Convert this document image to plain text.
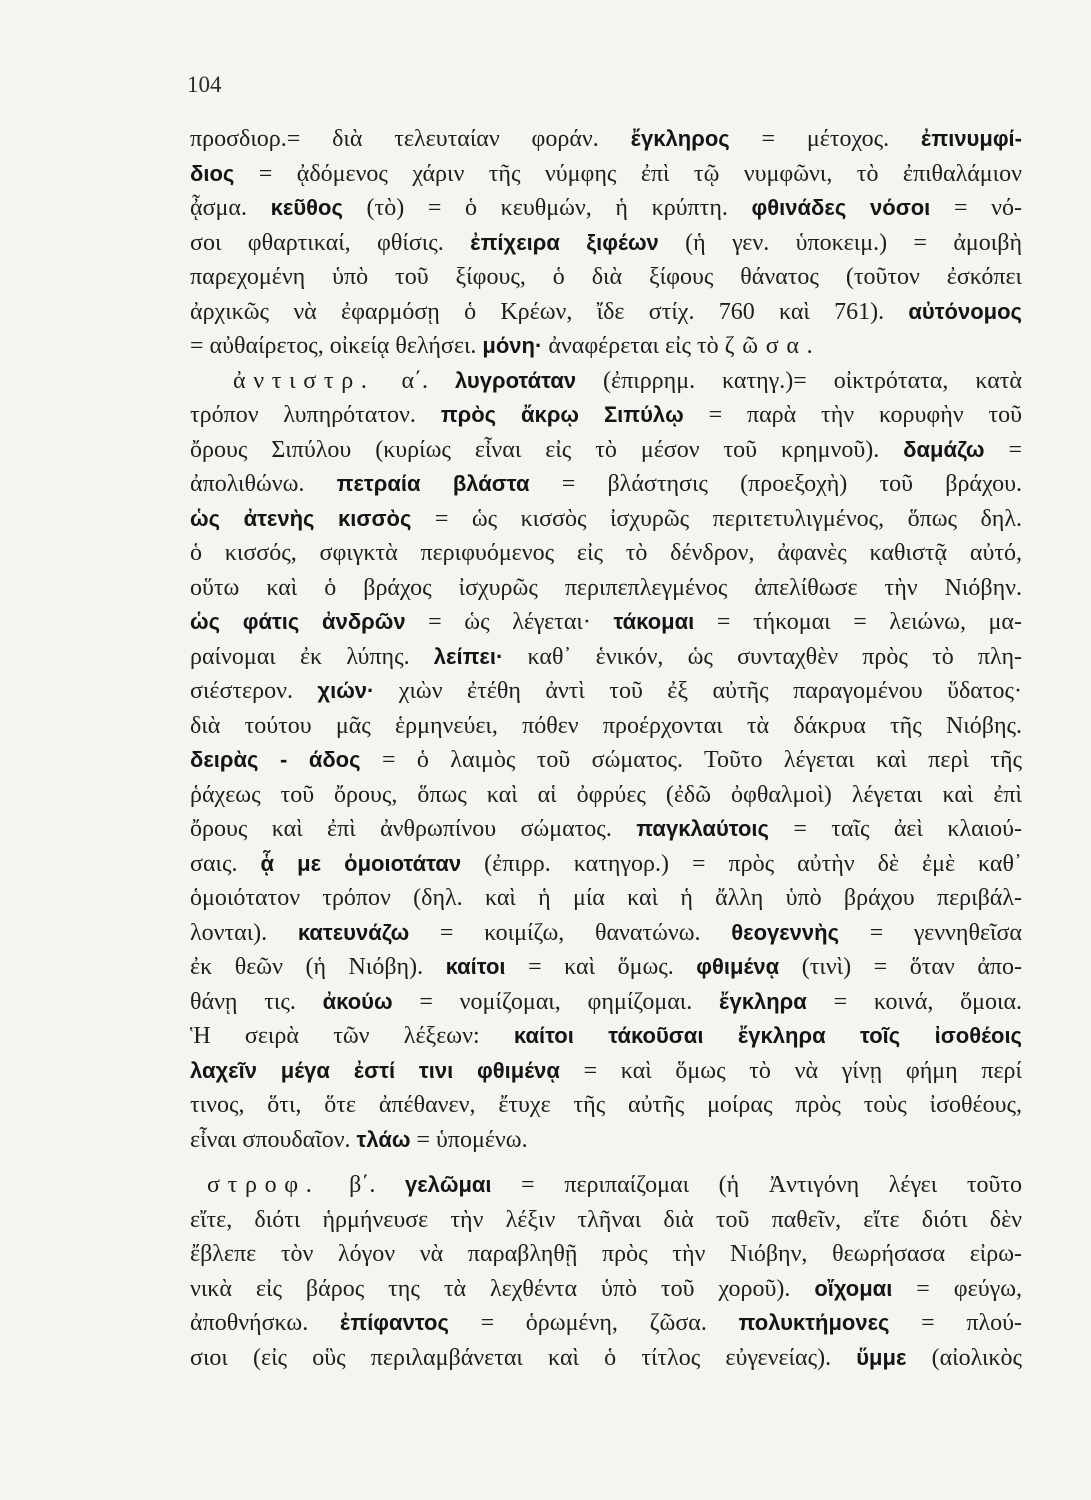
104
προσδιορ.= διὰ τελευταίαν φοράν. ἔγκληρος = μέτοχος. ἐπινυμφί-
διος = ᾀδόμενος χάριν τῆς νύμφης ἐπὶ τῷ νυμφῶνι, τὸ ἐπιθαλάμιον
ᾆσμα. κεῦθος (τὸ) = ὁ κευθμών, ἡ κρύπτη. φθινάδες νόσοι = νό-
σοι φθαρτικαί, φθίσις. ἐπίχειρα ξιφέων (ἡ γεν. ὑποκειμ.) = ἀμοιβὴ
παρεχομένη ὑπὸ τοῦ ξίφους, ὁ διὰ ξίφους θάνατος (τοῦτον ἐσκόπει
ἀρχικῶς νὰ ἐφαρμόσῃ ὁ Κρέων, ἴδε στίχ. 760 καὶ 761). αὐτόνομος
= αὐθαίρετος, οἰκείᾳ θελήσει. μόνη· ἀναφέρεται εἰς τὸ ζῶσα.
ἀντιστρ. α΄. λυγροτάταν (ἐπιρρημ. κατηγ.)= οἰκτρότατα, κατὰ
τρόπον λυπηρότατον. πρὸς ἄκρῳ Σιπύλῳ = παρὰ τὴν κορυφὴν τοῦ
ὄρους Σιπύλου (κυρίως εἶναι εἰς τὸ μέσον τοῦ κρημνοῦ). δαμάζω =
ἀπολιθώνω. πετραία βλάστα = βλάστησις (προεξοχὴ) τοῦ βράχου.
ὡς ἀτενὴς κισσὸς = ὡς κισσὸς ἰσχυρῶς περιτετυλιγμένος, ὅπως δηλ.
ὁ κισσός, σφιγκτὰ περιφυόμενος εἰς τὸ δένδρον, ἀφανὲς καθιστᾷ αὐτό,
οὕτω καὶ ὁ βράχος ἰσχυρῶς περιπεπλεγμένος ἀπελίθωσε τὴν Νιόβην.
ὡς φάτις ἀνδρῶν = ὡς λέγεται· τάκομαι = τήκομαι = λειώνω, μα-
ραίνομαι ἐκ λύπης. λείπει· καθ᾽ ἑνικόν, ὡς συνταχθὲν πρὸς τὸ πλη-
σιέστερον. χιών· χιὼν ἐτέθη ἀντὶ τοῦ ἐξ αὐτῆς παραγομένου ὕδατος·
διὰ τούτου μᾶς ἑρμηνεύει, πόθεν προέρχονται τὰ δάκρυα τῆς Νιόβης.
δειρὰς - άδος = ὁ λαιμὸς τοῦ σώματος. Τοῦτο λέγεται καὶ περὶ τῆς
ῥάχεως τοῦ ὄρους, ὅπως καὶ αἱ ὀφρύες (ἐδῶ ὀφθαλμοὶ) λέγεται καὶ ἐπὶ
ὄρους καὶ ἐπὶ ἀνθρωπίνου σώματος. παγκλαύτοις = ταῖς ἀεὶ κλαιού-
σαις. ᾇ με ὁμοιοτάταν (ἐπιρρ. κατηγορ.) = πρὸς αὐτὴν δὲ ἐμὲ καθ᾽
ὁμοιότατον τρόπον (δηλ. καὶ ἡ μία καὶ ἡ ἄλλη ὑπὸ βράχου περιβάλ-
λονται). κατευνάζω = κοιμίζω, θανατώνω. θεογεννὴς = γεννηθεῖσα
ἐκ θεῶν (ἡ Νιόβη). καίτοι = καὶ ὅμως. φθιμένᾳ (τινὶ) = ὅταν ἀπο-
θάνῃ τις. ἀκούω = νομίζομαι, φημίζομαι. ἔγκληρα = κοινά, ὅμοια.
Ἡ σειρὰ τῶν λέξεων: καίτοι τάκοῦσαι ἔγκληρα τοῖς ἰσοθέοις
λαχεῖν μέγα ἐστί τινι φθιμένᾳ = καὶ ὅμως τὸ νὰ γίνῃ φήμη περί
τινος, ὅτι, ὅτε ἀπέθανεν, ἔτυχε τῆς αὐτῆς μοίρας πρὸς τοὺς ἰσοθέους,
εἶναι σπουδαῖον. τλάω = ὑπομένω.
στροφ. β΄. γελῶμαι = περιπαίζομαι (ἡ Ἀντιγόνη λέγει τοῦτο
εἴτε, διότι ἡρμήνευσε τὴν λέξιν τλῆναι διὰ τοῦ παθεῖν, εἴτε διότι δὲν
ἔβλεπε τὸν λόγον νὰ παραβληθῇ πρὸς τὴν Νιόβην, θεωρήσασα εἰρω-
νικὰ εἰς βάρος της τὰ λεχθέντα ὑπὸ τοῦ χοροῦ). οἴχομαι = φεύγω,
ἀποθνήσκω. ἐπίφαντος = ὁρωμένη, ζῶσα. πολυκτήμονες = πλού-
σιοι (εἰς οὓς περιλαμβάνεται καὶ ὁ τίτλος εὐγενείας). ὕμμε (αἰολικὸς
